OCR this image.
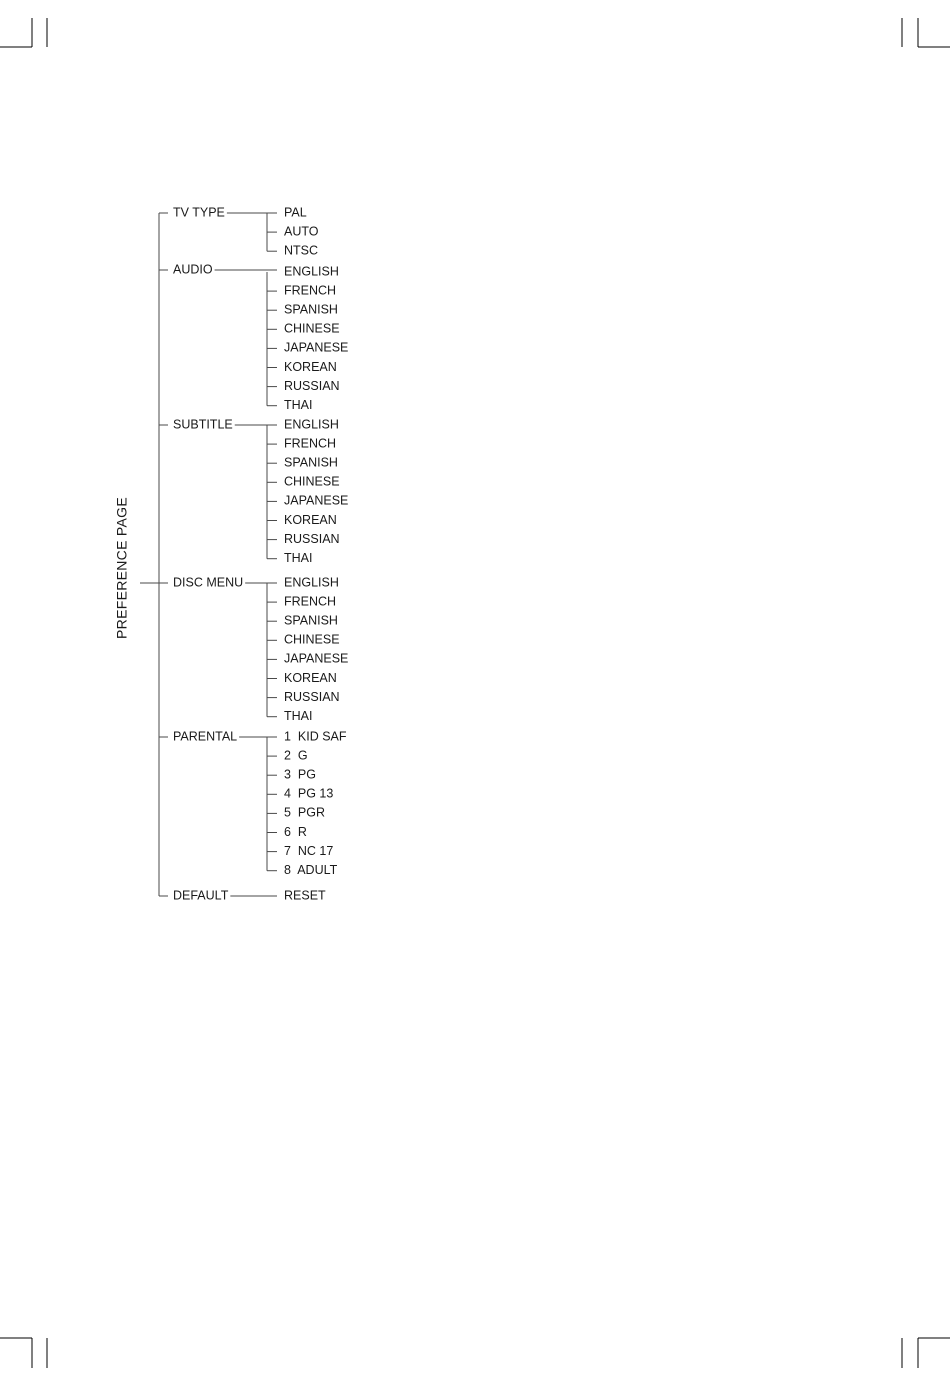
PREFERENCE PAGE
TV TYPE	PAL
AUTO
NTSC
AUDIO	ENGLISH
FRENCH
SPANISH
CHINESE
JAPANESE
KOREAN
RUSSIAN
THAI
SUBTITLE	ENGLISH
FRENCH
SPANISH
CHINESE
JAPANESE
KOREAN
RUSSIAN
THAI
DISC MENU	ENGLISH
FRENCH
SPANISH
CHINESE
JAPANESE
KOREAN
RUSSIAN
THAI
PARENTAL	1  KID SAF
2  G
3  PG
4  PG 13
5  PGR
6  R
7  NC 17
8  ADULT
DEFAULT	RESET
